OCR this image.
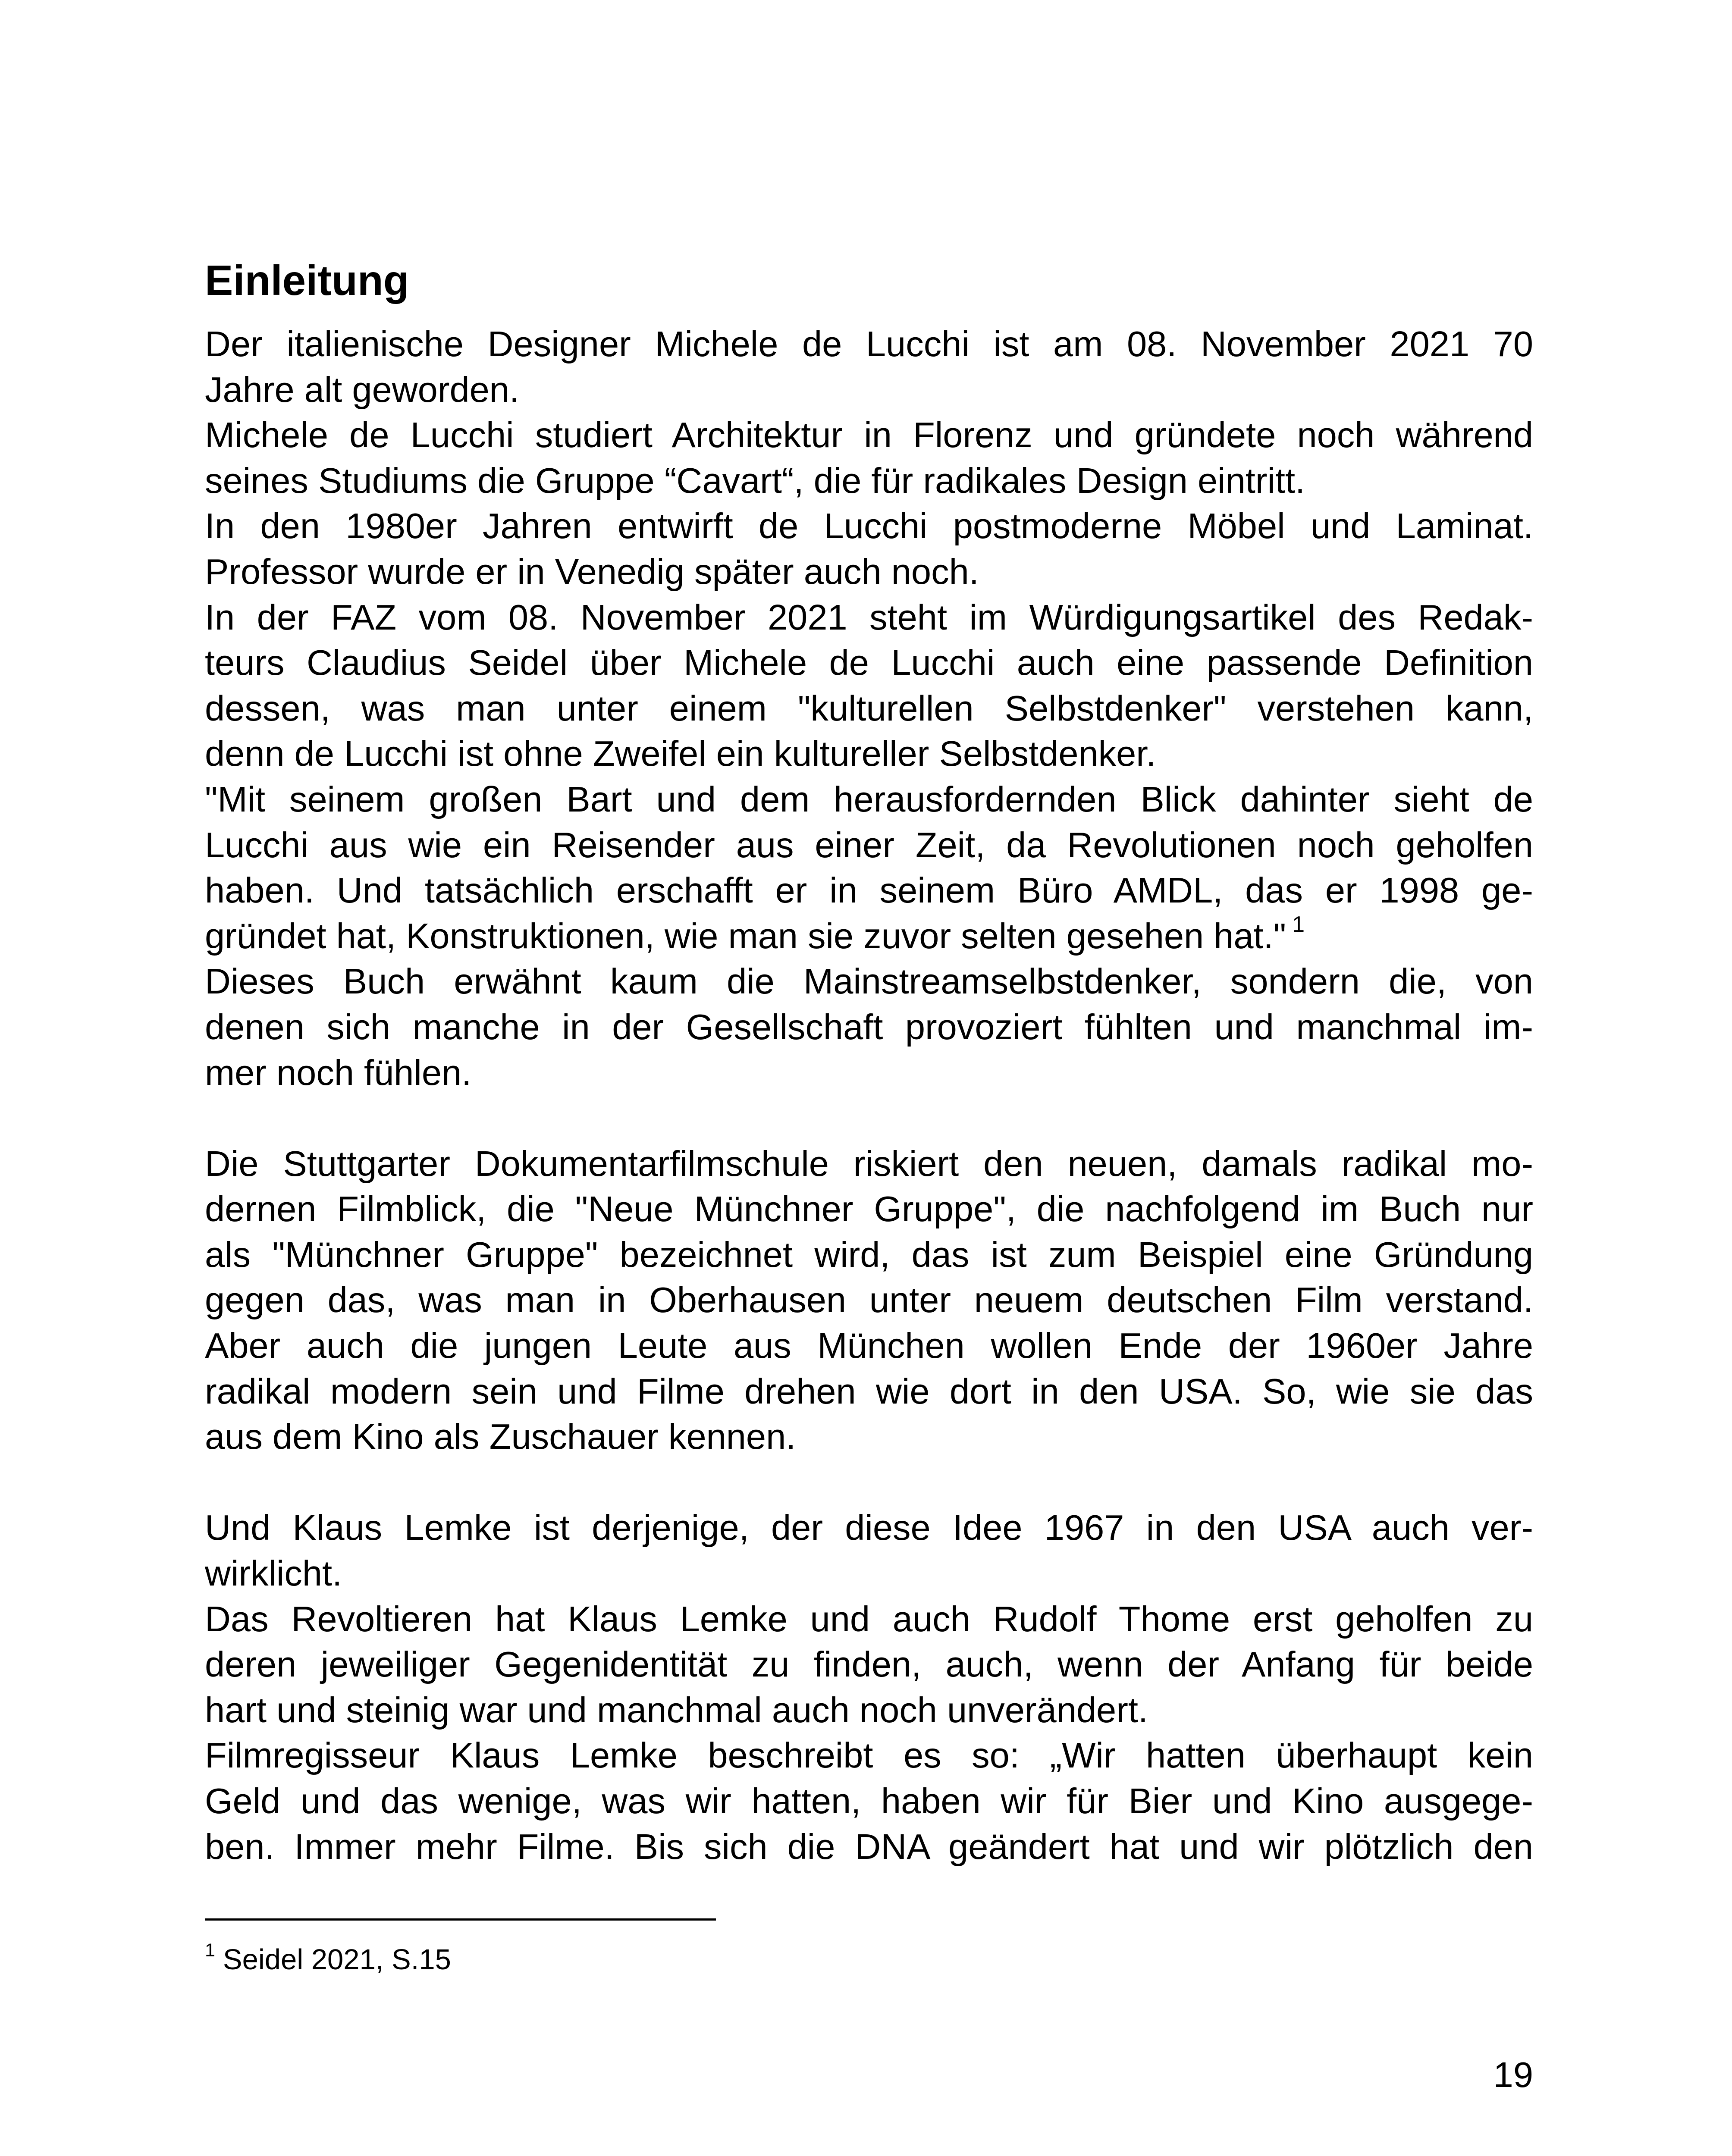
Einleitung
Der italienische Designer Michele de Lucchi ist am 08. November 2021 70
Jahre alt geworden.
Michele de Lucchi studiert Architektur in Florenz und gründete noch während
seines Studiums die Gruppe “Cavart“, die für radikales Design eintritt.
In den 1980er Jahren entwirft de Lucchi postmoderne Möbel und Laminat.
Professor wurde er in Venedig später auch noch.
In der FAZ vom 08. November 2021 steht im Würdigungsartikel des Redak-
teurs Claudius Seidel über Michele de Lucchi auch eine passende Definition
dessen, was man unter einem "kulturellen Selbstdenker" verstehen kann,
denn de Lucchi ist ohne Zweifel ein kultureller Selbstdenker.
"Mit seinem großen Bart und dem herausfordernden Blick dahinter sieht de
Lucchi aus wie ein Reisender aus einer Zeit, da Revolutionen noch geholfen
haben. Und tatsächlich erschafft er in seinem Büro AMDL, das er 1998 ge-
gründet hat, Konstruktionen, wie man sie zuvor selten gesehen hat." $^1$
Dieses Buch erwähnt kaum die Mainstreamselbstdenker, sondern die, von
denen sich manche in der Gesellschaft provoziert fühlten und manchmal im-
mer noch fühlen.
Die Stuttgarter Dokumentarfilmschule riskiert den neuen, damals radikal mo-
dernen Filmblick, die "Neue Münchner Gruppe", die nachfolgend im Buch nur
als "Münchner Gruppe" bezeichnet wird, das ist zum Beispiel eine Gründung
gegen das, was man in Oberhausen unter neuem deutschen Film verstand.
Aber auch die jungen Leute aus München wollen Ende der 1960er Jahre
radikal modern sein und Filme drehen wie dort in den USA. So, wie sie das
aus dem Kino als Zuschauer kennen.
Und Klaus Lemke ist derjenige, der diese Idee 1967 in den USA auch ver-
wirklicht.
Das Revoltieren hat Klaus Lemke und auch Rudolf Thome erst geholfen zu
deren jeweiliger Gegenidentität zu finden, auch, wenn der Anfang für beide
hart und steinig war und manchmal auch noch unverändert.
Filmregisseur Klaus Lemke beschreibt es so: „Wir hatten überhaupt kein
Geld und das wenige, was wir hatten, haben wir für Bier und Kino ausgege-
ben. Immer mehr Filme. Bis sich die DNA geändert hat und wir plötzlich den
$^1$ Seidel 2021, S.15
19
